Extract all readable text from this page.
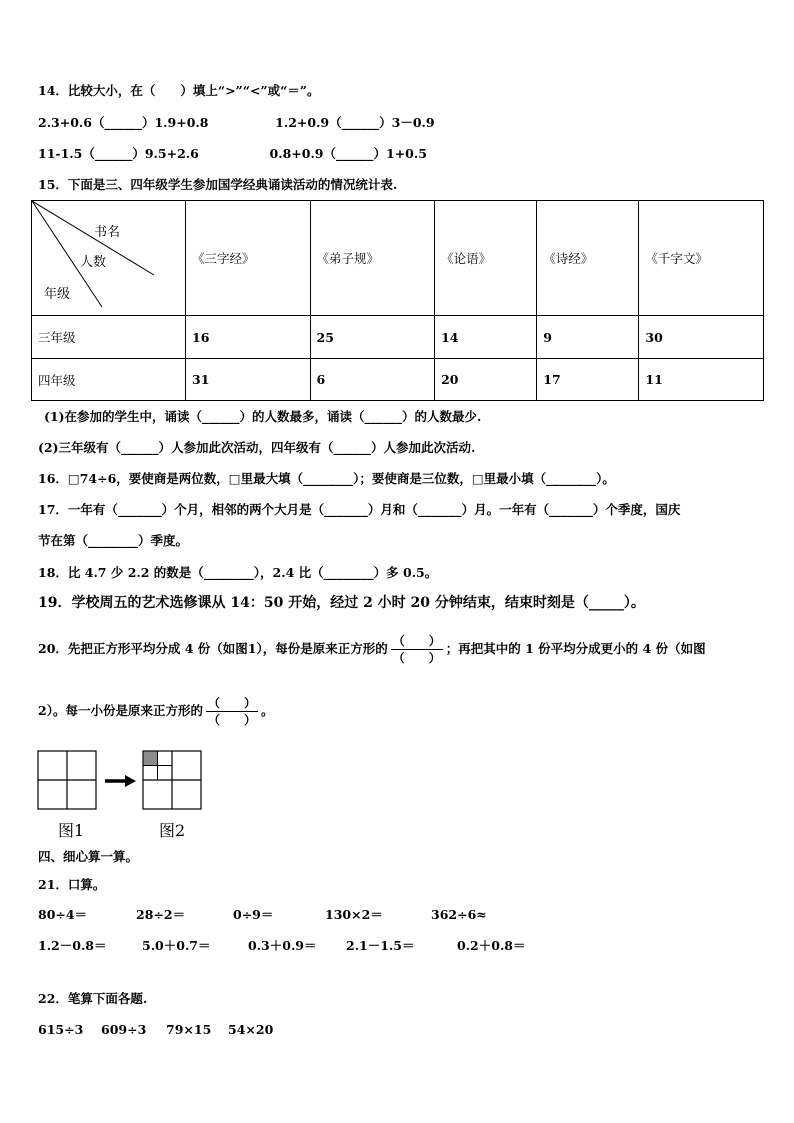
14．比较大小，在（　　）填上“>”“<”或“＝”。
2.3+0.6（______）1.9+0.8	1.2+0.9（______）3－0.9
11-1.5（______）9.5+2.6	0.8+0.9（______）1+0.5
15．下面是三、四年级学生参加国学经典诵读活动的情况统计表.
书名
人数
年级	《三字经》	《弟子规》	《论语》	《诗经》	《千字文》
三年级	16	25	14	9	30
四年级	31	6	20	17	11
(1)在参加的学生中，诵读（______）的人数最多，诵读（______）的人数最少.
(2)三年级有（______）人参加此次活动，四年级有（______）人参加此次活动.
16．□74÷6，要使商是两位数，□里最大填（________）；要使商是三位数，□里最小填（________）。
17．一年有（_______）个月，相邻的两个大月是（_______）月和（_______）月。一年有（_______）个季度，国庆
节在第（________）季度。
18．比 4.7 少 2.2 的数是（________），2.4 比（________）多 0.5。
19．学校周五的艺术选修课从 14：50 开始，经过 2 小时 20 分钟结束，结束时刻是（_____）。
20．先把正方形平均分成 4 份（如图1），每份是原来正方形的 $\frac{( )}{( )}$ ；再把其中的 1 份平均分成更小的 4 份（如图
2）。每一小份是原来正方形的 $\frac{( )}{( )}$ 。
图1	图2
四、细心算一算。
21．口算。
80÷4＝	28÷2＝	0÷9＝	130×2＝	362÷6≈
1.2－0.8＝	5.0＋0.7＝	0.3＋0.9＝ 2.1－1.5＝	0.2＋0.8＝
22．笔算下面各题.
615÷3 609÷3 79×15 54×20
